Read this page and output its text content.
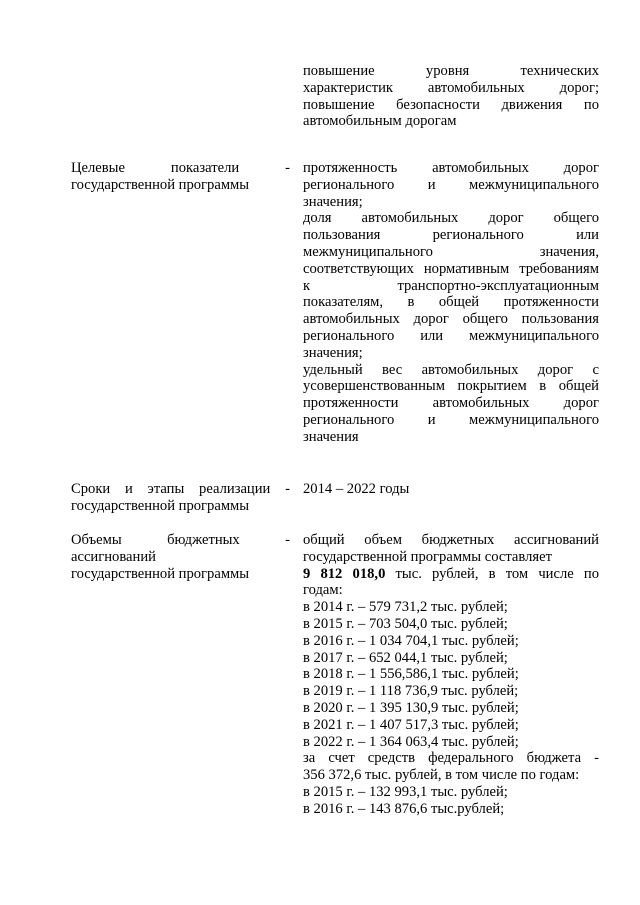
повышение уровня технических
характеристик автомобильных дорог;
повышение безопасности движения по
автомобильным дорогам
Целевые показатели -
государственной программы
протяженность автомобильных дорог
регионального и межмуниципального
значения;
доля автомобильных дорог общего
пользования регионального или
межмуниципального значения,
соответствующих нормативным требованиям
к транспортно-эксплуатационным
показателям, в общей протяженности
автомобильных дорог общего пользования
регионального или межмуниципального
значения;
удельный вес автомобильных дорог с
усовершенствованным покрытием в общей
протяженности автомобильных дорог
регионального и межмуниципального
значения
Сроки и этапы реализации -
государственной программы
2014 – 2022 годы
Объемы бюджетных -
ассигнований
государственной программы
общий объем бюджетных ассигнований
государственной программы составляет
9 812 018,0 тыс. рублей, в том числе по
годам:
в 2014 г. – 579 731,2 тыс. рублей;
в 2015 г. – 703 504,0 тыс. рублей;
в 2016 г. – 1 034 704,1 тыс. рублей;
в 2017 г. – 652 044,1 тыс. рублей;
в 2018 г. – 1 556,586,1 тыс. рублей;
в 2019 г. – 1 118 736,9 тыс. рублей;
в 2020 г. – 1 395 130,9 тыс. рублей;
в 2021 г. – 1 407 517,3 тыс. рублей;
в 2022 г. – 1 364 063,4 тыс. рублей;
за счет средств федерального бюджета -
356 372,6 тыс. рублей, в том числе по годам:
в 2015 г. – 132 993,1 тыс. рублей;
в 2016 г. – 143 876,6 тыс.рублей;
